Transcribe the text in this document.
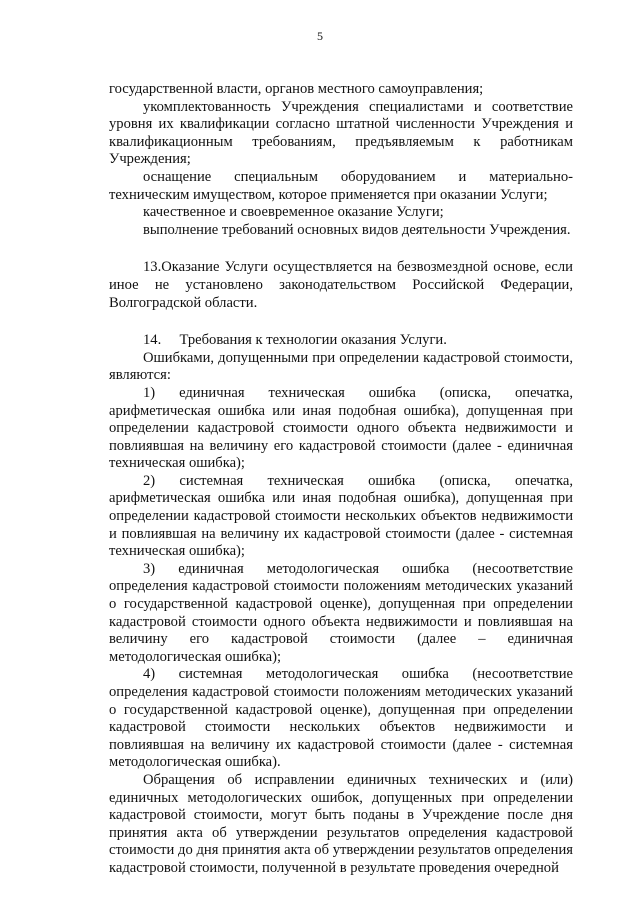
5

государственной власти, органов местного самоуправления;

укомплектованность Учреждения специалистами и соответствие уровня их квалификации согласно штатной численности Учреждения и квалификационным требованиям, предъявляемым к работникам Учреждения;

оснащение специальным оборудованием и материально-техническим имуществом, которое применяется при оказании Услуги;

качественное и своевременное оказание Услуги;

выполнение требований основных видов деятельности Учреждения.

13.Оказание Услуги осуществляется на безвозмездной основе, если иное не установлено законодательством Российской Федерации, Волгоградской области.

14.     Требования к технологии оказания Услуги.

Ошибками, допущенными при определении кадастровой стоимости, являются:

1) единичная техническая ошибка (описка, опечатка, арифметическая ошибка или иная подобная ошибка), допущенная при определении кадастровой стоимости одного объекта недвижимости и повлиявшая на величину его кадастровой стоимости (далее - единичная техническая ошибка);

2) системная техническая ошибка (описка, опечатка, арифметическая ошибка или иная подобная ошибка), допущенная при определении кадастровой стоимости нескольких объектов недвижимости и повлиявшая на величину их кадастровой стоимости (далее - системная техническая ошибка);

3) единичная методологическая ошибка (несоответствие определения кадастровой стоимости положениям методических указаний о государственной кадастровой оценке), допущенная при определении кадастровой стоимости одного объекта недвижимости и повлиявшая на величину его кадастровой стоимости (далее – единичная методологическая ошибка);

4) системная методологическая ошибка (несоответствие определения кадастровой стоимости положениям методических указаний о государственной кадастровой оценке), допущенная при определении кадастровой стоимости нескольких объектов недвижимости и повлиявшая на величину их кадастровой стоимости (далее - системная методологическая ошибка).

Обращения об исправлении единичных технических и (или) единичных методологических ошибок, допущенных при определении кадастровой стоимости, могут быть поданы в Учреждение после дня принятия акта об утверждении результатов определения кадастровой стоимости до дня принятия акта об утверждении результатов определения кадастровой стоимости, полученной в результате проведения очередной
